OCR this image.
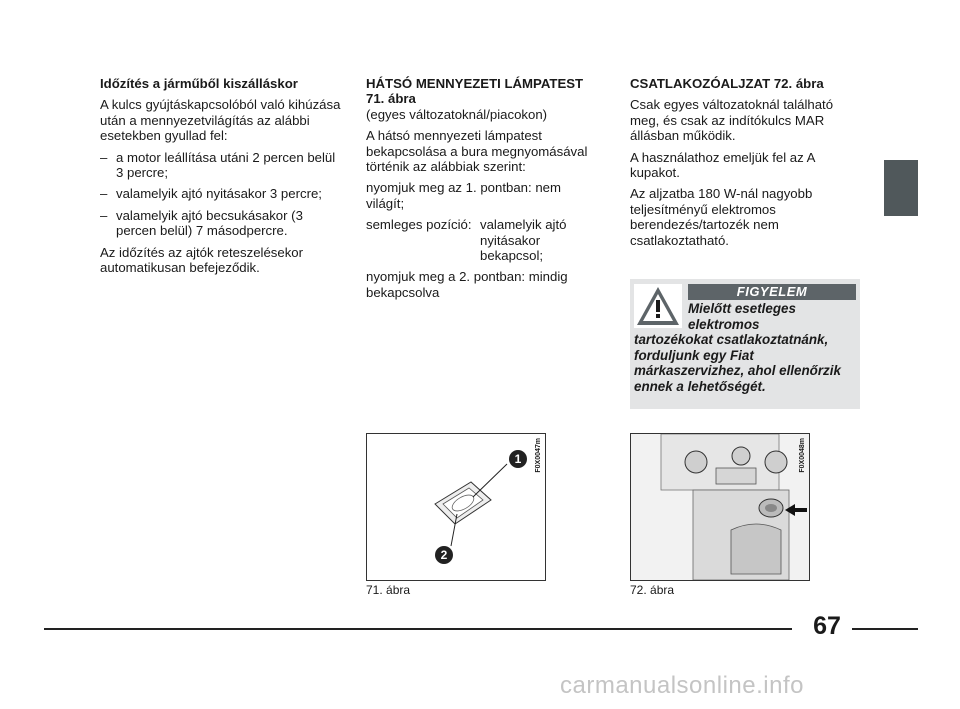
Időzítés a járműből kiszálláskor

A kulcs gyújtáskapcsolóból való kihúzása után a mennyezetvilágítás az alábbi esetekben gyullad fel:

– a motor leállítása utáni 2 percen belül 3 percre;
– valamelyik ajtó nyitásakor 3 percre;
– valamelyik ajtó becsukásakor (3 percen belül) 7 másodpercre.

Az időzítés az ajtók reteszelésekor automatikusan befejeződik.

HÁTSÓ MENNYEZETI LÁMPATEST 71. ábra

(egyes változatoknál/piacokon)

A hátsó mennyezeti lámpatest bekapcsolása a bura megnyomásával történik az alábbiak szerint:

nyomjuk meg az 1. pontban: nem világít;

semleges pozíció: valamelyik ajtó nyitásakor bekapcsol;

nyomjuk meg a 2. pontban: mindig bekapcsolva

CSATLAKOZÓALJZAT 72. ábra

Csak egyes változatoknál található meg, és csak az indítókulcs MAR állásban működik.

A használathoz emeljük fel az A kupakot.

Az aljzatba 180 W-nál nagyobb teljesítményű elektromos berendezés/tartozék nem csatlakoztatható.

FIGYELEM
Mielőtt esetleges
elektromos
tartozékokat csatlakoztatnánk, forduljunk egy Fiat márkaszervizhez, ahol ellenőrzik ennek a lehetőségét.
1
2
F0X0047m
71. ábra
F0X0048m
72. ábra
67
carmanualsonline.info
